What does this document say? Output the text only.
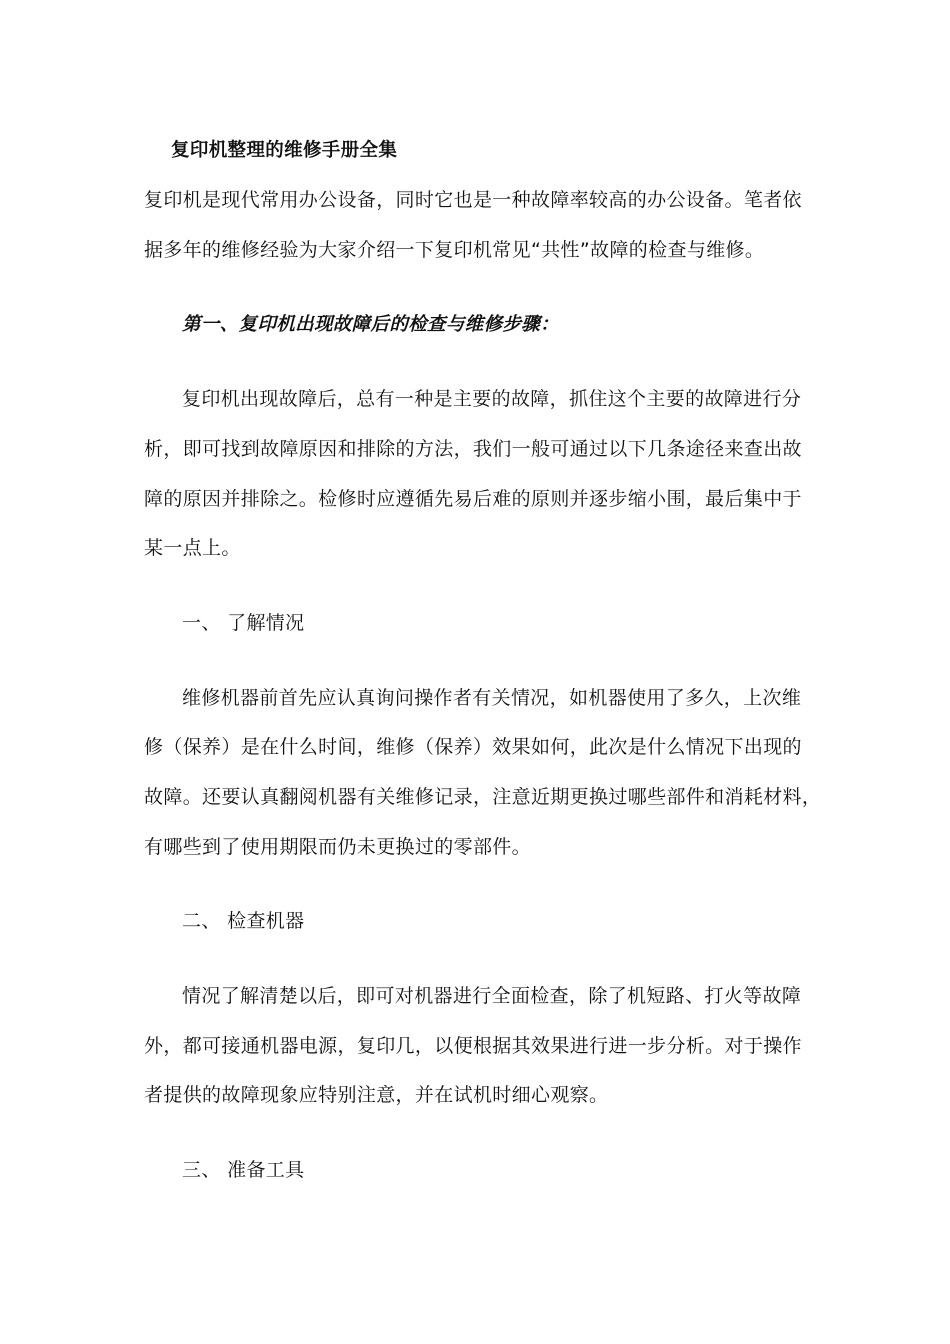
复印机整理的维修手册全集
复印机是现代常用办公设备，同时它也是一种故障率较高的办公设备。笔者依
据多年的维修经验为大家介绍一下复印机常见“共性”故障的检查与维修。
第一、复印机出现故障后的检查与维修步骤：
复印机出现故障后，总有一种是主要的故障，抓住这个主要的故障进行分
析，即可找到故障原因和排除的方法，我们一般可通过以下几条途径来查出故
障的原因并排除之。检修时应遵循先易后难的原则并逐步缩小围，最后集中于
某一点上。
一、 了解情况
维修机器前首先应认真询问操作者有关情况，如机器使用了多久，上次维
修（保养）是在什么时间，维修（保养）效果如何，此次是什么情况下出现的
故障。还要认真翻阅机器有关维修记录，注意近期更换过哪些部件和消耗材料，
有哪些到了使用期限而仍未更换过的零部件。
二、 检查机器
情况了解清楚以后，即可对机器进行全面检查，除了机短路、打火等故障
外，都可接通机器电源，复印几，以便根据其效果进行进一步分析。对于操作
者提供的故障现象应特别注意，并在试机时细心观察。
三、 准备工具
